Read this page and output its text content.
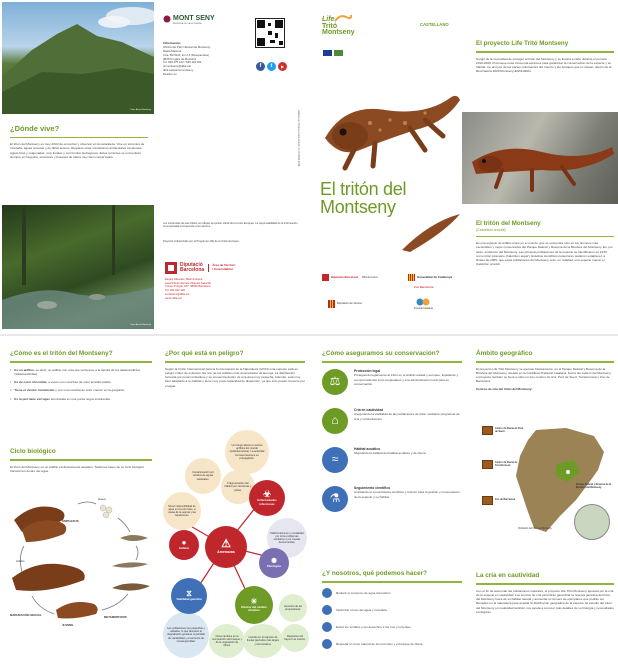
Foto: Arxiu Montseny
¿Dónde vive?
El tritón del Montseny es muy difícil de encontrar y observar en la naturaleza. Vive en torrentes de montaña, aguas remotas y de difícil acceso. Requiere unas condiciones ambientales excelentes: aguas frías y oxigenadas, muy limpias y con fondos pedregosos. Estos torrentes se encuentran siempre en hayedos, encinares y bosques de ribera muy bien conservados.
Foto: Arxiu Montseny
MONT SENY
RESERVA DE LA BIOSFERA
Información:
Oficina del Parc Natural del Montseny.
Masia Mariona
Ctra. BV-5114, km 2,5 (Mosqueroles)
08470 Fogars de Montclús
Tel. 938 475 102 / 669 118 062
pnmontseny@diba.cat
diba.cat/parcs/montseny
lifetriton.eu
f	t	▶
Gabinet de Premsa i Comunicació. DL B 00000-2018
Los contenidos de este folleto no reflejan la opinión oficial de la Unión Europea. La responsabilidad de la información así expresada corresponde a los autores.
Proyecto cofinanciado por el Programa LIFE de la Unión Europea.
Diputació
Barcelona
Àrea de Territori
i Sostenibilitat
Espais Naturals i Medi Ambient
Gerència de Serveis d'Espais Naturals
Comte d'Urgell, 187. 08036 Barcelona
Tel. 934 022 428
serviparcs@diba.cat
parcs.diba.cat
Life
Tritó
Montseny
CASTELLANO
El tritón del
Montseny
Diputació Barcelona #Biodiversitat	Generalitat de Catalunya
Diputació de Girona
Zoo Barcelona
Forestal Catalana
El proyecto Life Tritó Montseny
Surgió de la necesidad de proteger al tritón del Montseny y se llevará a cabo durante el período 2016-2020. Promueve unas cincuenta acciones para garantizar la conservación de la especie y su hábitat, los arroyos de las partes culminantes del macizo y las bosques que lo rodean, dentro de la Red Natura 2000 Montseny-ES5110001.
El tritón del Montseny
(Calotriton arnoldi)
Es una especie de anfibio único en el mundo, que se encuentra solo en los rincones más escondidos y mejor conservados del Parque Natural y Reserva de la Biosfera del Montseny. Es, por tanto, endémico del Montseny. Las primeras poblaciones de la especie se identificaron en 1979 como tritón pirenaico (Calotriton asper). Estudios científicos posteriores pudieron establecer, a finales de 2005, que estas poblaciones del Montseny eran, en realidad, una especie nueva: el Calotriton arnoldi.
¿Cómo es el tritón del Montseny?
• Es un anfibio, es decir, un anfibio con cola que pertenece a la familia de los salamándridos (Salamandridae).
• Es de color chocolate, a veces con manchas de color amarillo pálido.
• Tiene el vientre translúcido y con una mancha de color marrón en la garganta.
• Es la piel tiene verrugas terminadas en una punta negra endurecida.
Ciclo biológico
El tritón del Montseny es un anfibio exclusivamente acuático. Todas las fases de su ciclo biológico transcurren dentro del agua.
Huevo
AMPLEXUS
Adulto
MADURACIÓN SEXUAL
JUVENIL
METAMORFOSIS
¿Por qué está en peligro?
Según la Unión Internacional para la Conservación de la Naturaleza (UICN) esta especie está en peligro crítico de extinción. Es uno de los anfibios más amenazados de Europa. La distribución formada por pocas individuos y se encuentra dentro de una área muy pequeña. Además, está muy bien adaptado a su hábitat y tiene muy poca capacidad de dispersión, ya que solo puede moverse por el agua.
Un hongo afecta a muchos anfibios del mundo (quitridiomicosis). La actividad humana favorece su propagación.
Contaminación por vertidos de aguas residuales.
Fragmentación del hábitat por carreteras y pistas.
Menor disponibilidad de agua en los torrentes, a causa de la sequía y las captaciones.
Malformaciones y mortalidad por otros problemas sanitarios o por causas desconocidas.
Aumento de las temperaturas.
Regresión del haya en el macizo.
Cambio en el régimen de lluvias (periodos más largos y torrenciales).
Otros cambios en la composición del bosque y de la vegetación de ribera.
Las poblaciones son pequeñas y aisladas, lo que favorece la degradación genética, la pérdida de variabilidad y el aumento de consanguinidad.
☣
Enfermedades infecciosas
✺
Patologías
☀
Efectos del cambio climático
⧖
Viabilidad genética
●
Hábitat	⚠
Amenazas
¿Cómo aseguramos su conservación?
⚖
Protección legal
Protegiendo legalmente al tritón en el ámbito estatal y europeo, legislando y comprometiendo a los propietarios y a la administración local para su conservación.
⌂
Cría en cautividad
Asegurando la viabilidad de las poblaciones de tritón mediante programas de cría y reintroducción.
≈
Hábitat acuático
Mejorando la calidad del hábitat acuático y de ribera.
⚗
Seguimiento científico
Ampliando el conocimiento científico y técnico para la gestión y conservación de la especie y su hábitat.
¿Y nosotros, qué podemos hacer?
Reducir el consumo de agua doméstico.
Optimizar el uso del agua y reciclarla.
Evitar los vertidos y los desechos a los ríos y torrentes.
Respetar el curso natural de los torrentes y el bosque de ribera.
Ámbito geográfico
El proyecto Life Tritó Montseny se ejecuta, básicamente, en el Parque Natural y Reserva de la Biosfera del Montseny, situado en la Cordillera Prelitoral Catalana. Fuera del macizo del Montseny, el proyecto también se lleva a cabo en tres centros de cría: Pont de Suert, Torreferrussa y Zoo de Barcelona.
Centros de cría del tritón del Montseny:
Centro de Fauna de Pont de Suert
Centro de Fauna de Torreferrussa
Zoo de Barcelona
Parque Natural y Reserva de la Biosfera del Montseny
Población del tritón del Montseny
La cría en cautividad
Con el fin de aumentar las poblaciones naturales, el proyecto Life Tritó Montseny apuesta por la cría de la especie en cautividad. Los centros de cría permitirán garantizar la reserva genética del tritón del Montseny fuera de su hábitat natural y aumentar el número de ejemplares que podrán ser liberados en la naturaleza para ampliar la distribución geográfica de la especie. El estudio del tritón del Montseny en cautividad también nos ayuda a conocer más detalles de su biología y necesidades ecológicas.
